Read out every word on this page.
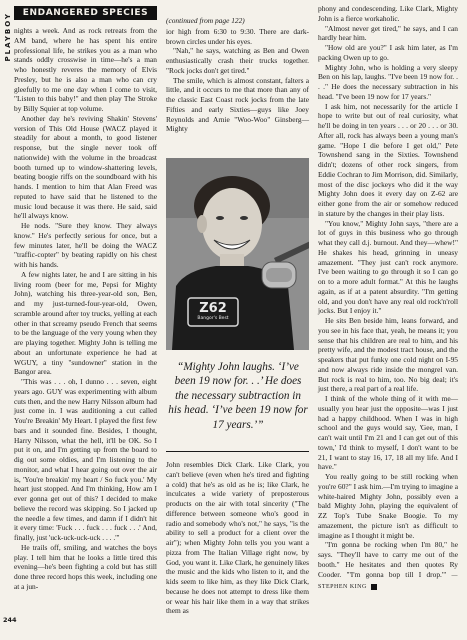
PLAYBOY	ENDANGERED SPECIES

nights a week. And as rock retreats from the AM band, where he has spent his entire professional life, he strikes you as a man who stands oddly crosswise in time—he's a man who honestly reveres the memory of Elvis Presley, but he is also a man who can cry gleefully to me one day when I come to visit, "Listen to this baby!" and then play The Stroke by Billy Squier at top volume.

Another day he's reviving Shakin' Stevens' version of This Old House (WACZ played it steadily for about a month, to good listener response, but the single never took off nationwide) with the volume in the broadcast booth turned up to window-shattering levels, beating boogie riffs on the soundboard with his hands. I mention to him that Alan Freed was reputed to have said that he listened to the music loud because it was there. He said, said he'll always know.

He nods. "Sure they know. They always know." He's perfectly serious for once, but a few minutes later, he'll be doing the WACZ "traffic-copter" by beating rapidly on his chest with his hands.

A few nights later, he and I are sitting in his living room (beer for me, Pepsi for Mighty John), watching his three-year-old son, Ben, and my just-turned-four-year-old, Owen, scramble around after toy trucks, yelling at each other in that screamy pseudo French that seems to be the language of the very young when they are playing together. Mighty John is telling me about an unfortunate experience he had at WGUY, a tiny "sundowner" station in the Bangor area.

"This was . . . oh, I dunno . . . seven, eight years ago. GUY was experimenting with album cuts then, and the new Harry Nilsson album had just come in. I was auditioning a cut called You're Breakin' My Heart. I played the first few bars and it sounded fine. Besides, I thought, Harry Nilsson, what the hell, it'll be OK. So I put it on, and I'm getting up from the board to dig out some oldies, and I'm listening to the monitor, and what I hear going out over the air is, 'You're breakin' my heart / So fuck you.' My heart just stopped. And I'm thinking, How am I ever gonna get out of this? I decided to make believe the record was skipping. So I jacked up the needle a few times, and damn if I didn't hit it every time: 'Fuck . . . fuck . . . fuck . . .' And, finally, just 'uck-uck-uck-uck . . . .'"

He trails off, smiling, and watches the boys play. I tell him that he looks a little tired this evening—he's been fighting a cold but has still done three record hops this week, including one at a jun-

(continued from page 122)

ior high from 6:30 to 9:30. There are dark-brown circles under his eyes.

"Nah," he says, watching as Ben and Owen enthusiastically crash their trucks together. "Rock jocks don't get tired."

The smile, which is almost constant, falters a little, and it occurs to me that more than any of the classic East Coast rock jocks from the late Fifties and early Sixties—guys like Joey Reynolds and Arnie "Woo-Woo" Ginsberg—Mighty

Z62
Bangor's Best
“Mighty John laughs. ‘I’ve been 19 now for. . .’ He does the necessary subtraction in his head. ‘I’ve been 19 now for 17 years.’”

John resembles Dick Clark. Like Clark, you can't believe (even when he's tired and fighting a cold) that he's as old as he is; like Clark, he inculcates a wide variety of preposterous products on the air with total sincerity ("The difference between someone who's good in radio and somebody who's not," he says, "is the ability to sell a product for a client over the air"); when Mighty John tells you you want a pizza from The Italian Village right now, by God, you want it. Like Clark, he genuinely likes the music and the kids who listen to it, and the kids seem to like him, as they like Dick Clark, because he does not attempt to dress like them or wear his hair like them in a way that strikes them as

phony and condescending. Like Clark, Mighty John is a fierce workaholic.

"Almost never get tired," he says, and I can hardly hear him.

"How old are you?" I ask him later, as I'm packing Owen up to go.

Mighty John, who is holding a very sleepy Ben on his lap, laughs. "I've been 19 now for. . . ." He does the necessary subtraction in his head. "I've been 19 now for 17 years."

I ask him, not necessarily for the article I hope to write but out of real curiosity, what he'll be doing in ten years . . . or 20 . . . or 30. After all, rock has always been a young man's game. "Hope I die before I get old," Pete Townshend sang in the Sixties. Townshend didn't; dozens of other rock singers, from Eddie Cochran to Jim Morrison, did. Similarly, most of the disc jockeys who did it the way Mighty John does it every day on Z-62 are either gone from the air or somehow reduced in stature by the changes in their play lists.

"You know," Mighty John says, "there are a lot of guys in this business who go through what they call d.j. burnout. And they—whew!" He shakes his head, grinning in uneasy amazement. "They just can't rock anymore. I've been waiting to go through it so I can go on to a more adult format." At this he laughs again, as if at a patent absurdity. "I'm getting old, and you don't have any real old rock'n'roll jocks. But I enjoy it."

He sits Ben beside him, leans forward, and you see in his face that, yeah, he means it; you sense that his children are real to him, and his pretty wife, and the modest tract house, and the speakers that put funky one cold night on I-95 and now always ride inside the mongrel van. But rock is real to him, too. No big deal; it's just there, a real part of a real life.

I think of the whole thing of it with me—usually you hear just the opposite—was I just had a happy childhood. When I was in high school and the guys would say, 'Gee, man, I can't wait until I'm 21 and I can get out of this town,' I'd think to myself, I don't want to be 21, I want to stay 16, 17, 18 all my life. And I have."

You really going to be still rocking when you're 60?" I ask him.—I'm trying to imagine a white-haired Mighty John, possibly even a bald Mighty John, playing the equivalent of ZZ Top's Tube Snake Boogie. To my amazement, the picture isn't as difficult to imagine as I thought it might be.

"I'm gonna be rocking when I'm 80," he says. "They'll have to carry me out of the booth." He hesitates and then quotes Ry Cooder. "'I'm gonna bop till I drop.'" —STEPHEN KING Y

244
